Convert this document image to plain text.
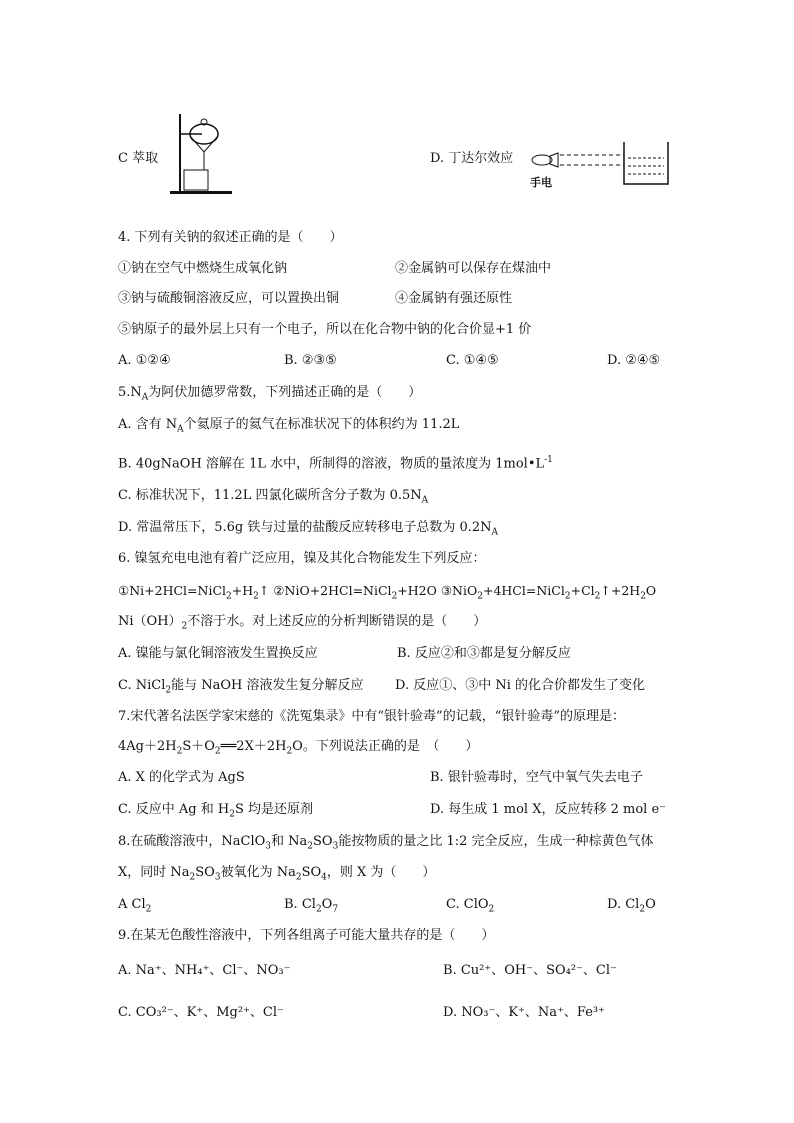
C 萃取	D. 丁达尔效应
手电
4. 下列有关钠的叙述正确的是（　　）
①钠在空气中燃烧生成氧化钠	②金属钠可以保存在煤油中
③钠与硫酸铜溶液反应，可以置换出铜	④金属钠有强还原性
⑤钠原子的最外层上只有一个电子，所以在化合物中钠的化合价显+1 价
A. ①②④	B. ②③⑤	C. ①④⑤	D. ②④⑤
$5.N_A$为阿伏加德罗常数，下列描述正确的是（　　）
A. 含有 $N_A$个氦原子的氦气在标准状况下的体积约为 11.2L
B. 40gNaOH 溶解在 1L 水中，所制得的溶液，物质的量浓度为 $1mol•L^{-1}$
C. 标准状况下，11.2L 四氯化碳所含分子数为 $0.5N_A$
D. 常温常压下，5.6g 铁与过量的盐酸反应转移电子总数为 $0.2N_A$
6. 镍氢充电电池有着广泛应用，镍及其化合物能发生下列反应：
$①Ni+2HCl=NiCl_2+H_2↑$ ②NiO+2HCl=NiCl$_2$+H2O $③NiO_2+4HCl=NiCl_2+Cl_2↑+2H_2O$
$Ni(OH)_2$不溶于水。对上述反应的分析判断错误的是（　　）
A. 镍能与氯化铜溶液发生置换反应	B. 反应②和③都是复分解反应
C. NiCl$_2$能与 NaOH 溶液发生复分解反应 D. 反应①、③中 Ni 的化合价都发生了变化
7.宋代著名法医学家宋慈的《洗冤集录》中有“银针验毒”的记载，“银针验毒”的原理是：
$4Ag+2H_2S+O_2══2X+2H_2O$。下列说法正确的是　（　　）
A. X 的化学式为 AgS	B. 银针验毒时，空气中氧气失去电子
C. 反应中 Ag 和 $H_2S$ 均是还原剂	D. 每生成 1 mol X，反应转移 2 mol e⁻
8.在硫酸溶液中，NaClO$_3$和 $Na_2SO_3$能按物质的量之比 1:2 完全反应，生成一种棕黄色气体
X，同时 $Na_2SO_3$被氧化为 $Na_2SO_4$，则 X 为（　　）
A $Cl_2$	B. $Cl_2O_7$	C. ClO$_2$	D. $Cl_2O$
9.在某无色酸性溶液中，下列各组离子可能大量共存的是（　　）
A. Na⁺、NH₄⁺、Cl⁻、NO₃⁻	B. Cu²⁺、OH⁻、SO₄²⁻、Cl⁻
C. CO₃²⁻、K⁺、Mg²⁺、Cl⁻	D. NO₃⁻、K⁺、Na⁺、Fe³⁺
